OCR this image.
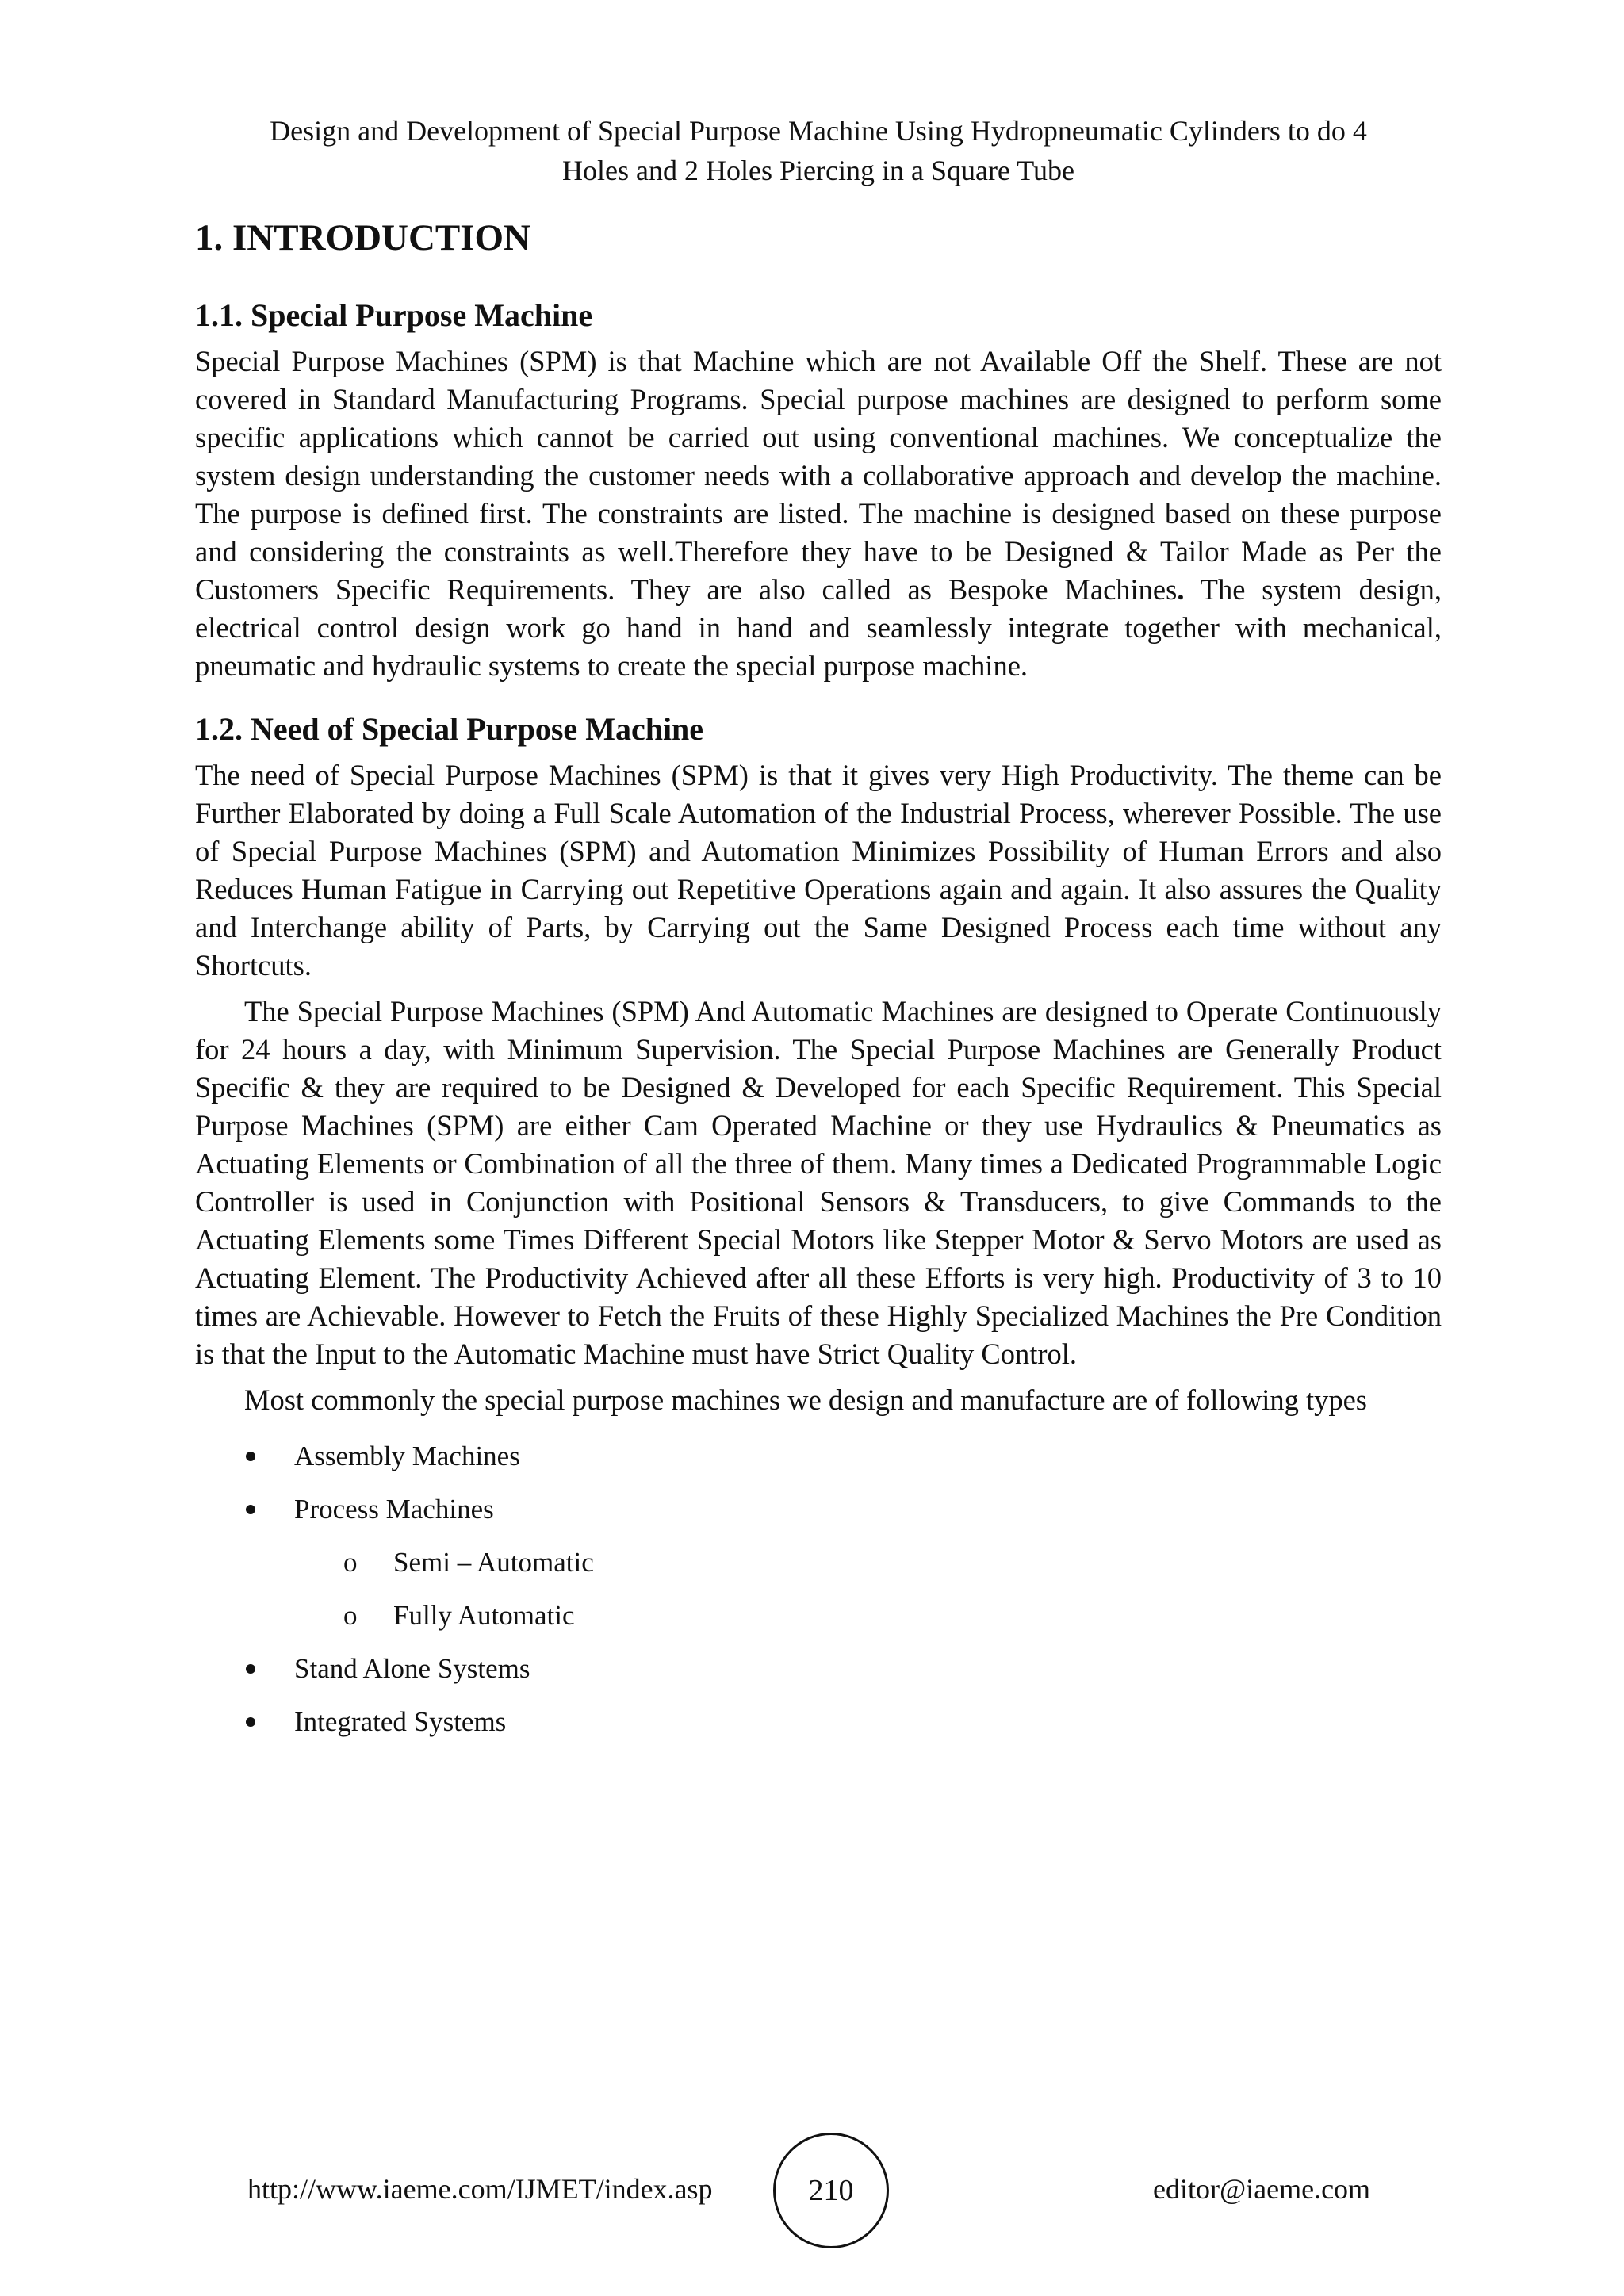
Design and Development of Special Purpose Machine Using Hydropneumatic Cylinders to do 4
Holes and 2 Holes Piercing in a Square Tube
1. INTRODUCTION
1.1. Special Purpose Machine

Special Purpose Machines (SPM) is that Machine which are not Available Off the Shelf. These are not covered in Standard Manufacturing Programs. Special purpose machines are designed to perform some specific applications which cannot be carried out using conventional machines. We conceptualize the system design understanding the customer needs with a collaborative approach and develop the machine. The purpose is defined first. The constraints are listed. The machine is designed based on these purpose and considering the constraints as well.Therefore they have to be Designed & Tailor Made as Per the Customers Specific Requirements. They are also called as Bespoke Machines. The system design, electrical control design work go hand in hand and seamlessly integrate together with mechanical, pneumatic and hydraulic systems to create the special purpose machine.

1.2. Need of Special Purpose Machine

The need of Special Purpose Machines (SPM) is that it gives very High Productivity. The theme can be Further Elaborated by doing a Full Scale Automation of the Industrial Process, wherever Possible. The use of Special Purpose Machines (SPM) and Automation Minimizes Possibility of Human Errors and also Reduces Human Fatigue in Carrying out Repetitive Operations again and again. It also assures the Quality and Interchange ability of Parts, by Carrying out the Same Designed Process each time without any Shortcuts.

The Special Purpose Machines (SPM) And Automatic Machines are designed to Operate Continuously for 24 hours a day, with Minimum Supervision. The Special Purpose Machines are Generally Product Specific & they are required to be Designed & Developed for each Specific Requirement. This Special Purpose Machines (SPM) are either Cam Operated Machine or they use Hydraulics & Pneumatics as Actuating Elements or Combination of all the three of them. Many times a Dedicated Programmable Logic Controller is used in Conjunction with Positional Sensors & Transducers, to give Commands to the Actuating Elements some Times Different Special Motors like Stepper Motor & Servo Motors are used as Actuating Element. The Productivity Achieved after all these Efforts is very high. Productivity of 3 to 10 times are Achievable. However to Fetch the Fruits of these Highly Specialized Machines the Pre Condition is that the Input to the Automatic Machine must have Strict Quality Control.

Most commonly the special purpose machines we design and manufacture are of following types

Assembly Machines
Process Machines
o Semi – Automatic
o Fully Automatic
Stand Alone Systems
Integrated Systems
http://www.iaeme.com/IJMET/index.asp	210	editor@iaeme.com
